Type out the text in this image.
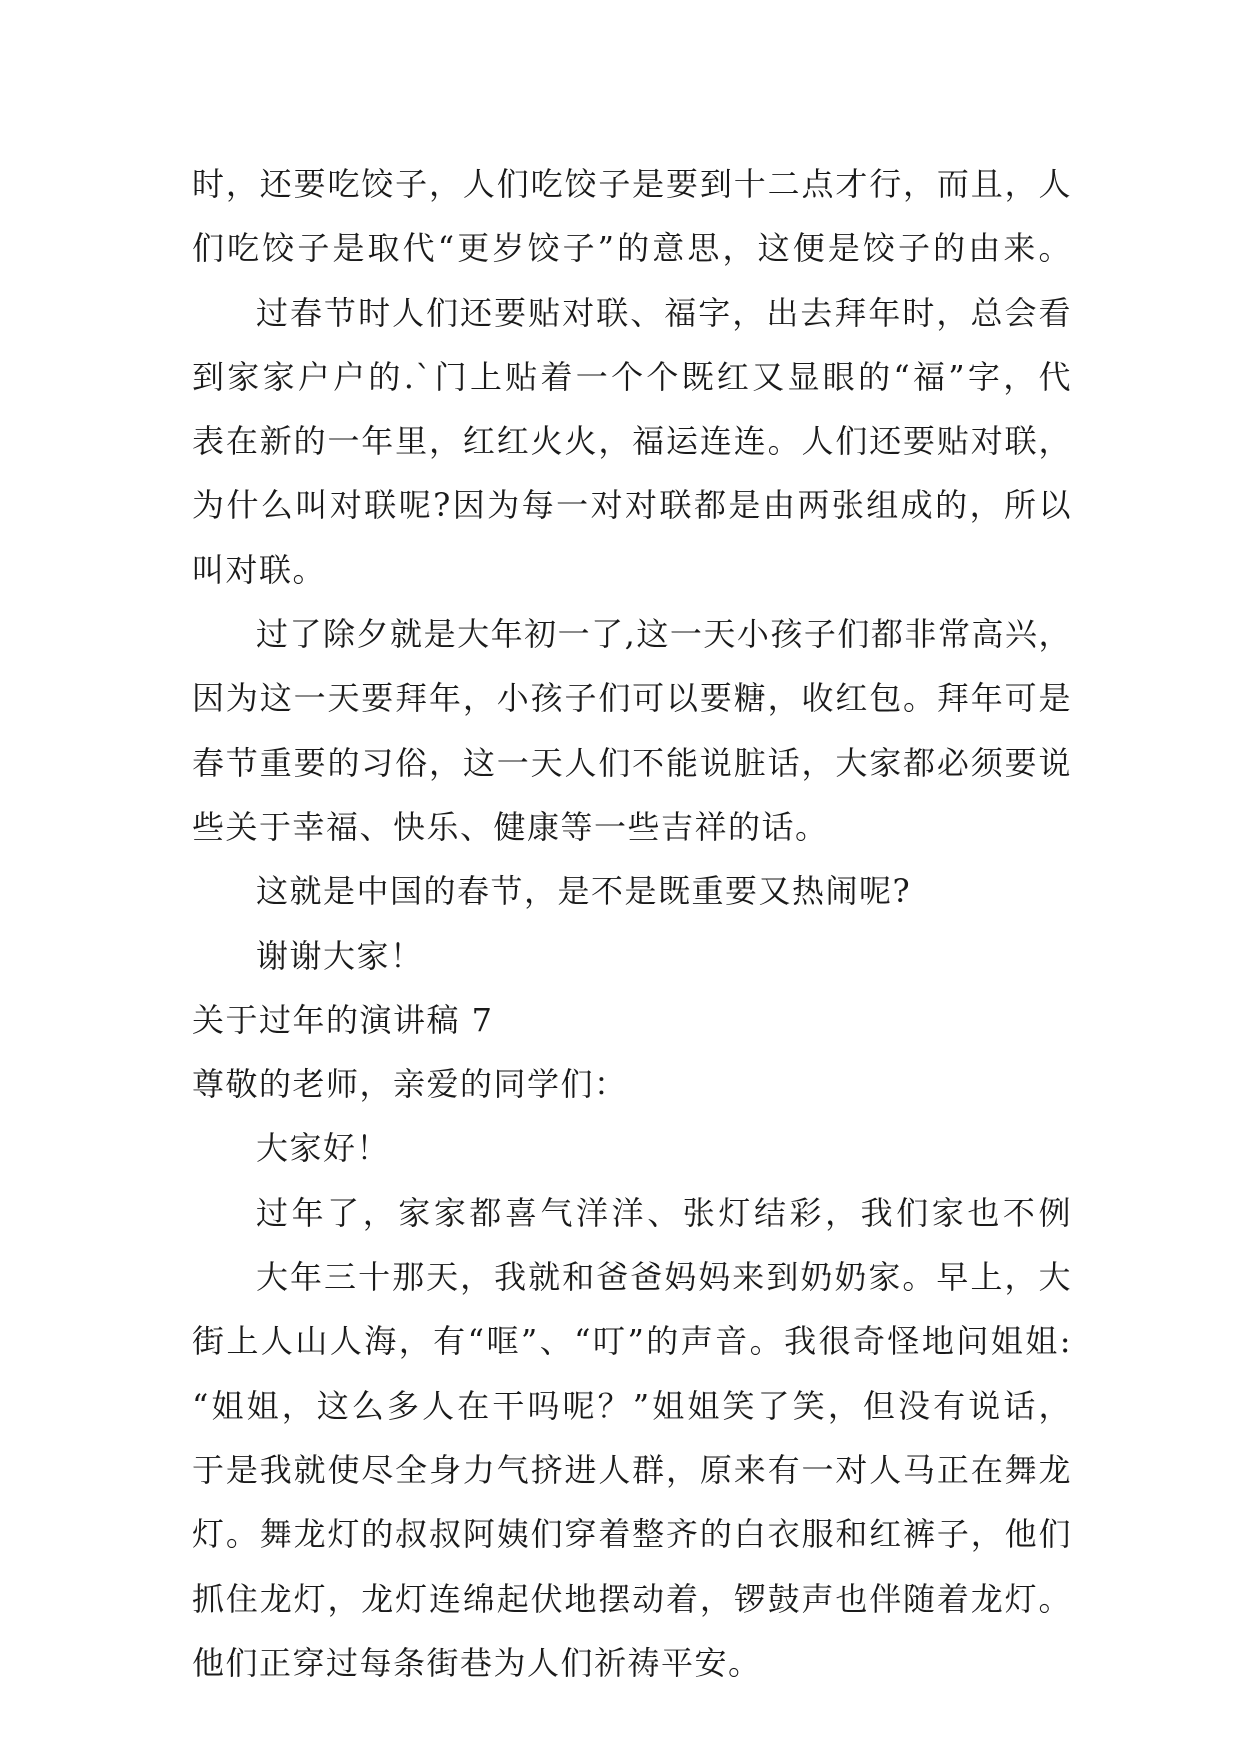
时，还要吃饺子，人们吃饺子是要到十二点才行，而且，人
们吃饺子是取代“更岁饺子”的意思，这便是饺子的由来。
过春节时人们还要贴对联、福字，出去拜年时，总会看
到家家户户的.`门上贴着一个个既红又显眼的“福”字，代
表在新的一年里，红红火火，福运连连。人们还要贴对联，
为什么叫对联呢?因为每一对对联都是由两张组成的，所以
叫对联。
过了除夕就是大年初一了,这一天小孩子们都非常高兴，
因为这一天要拜年，小孩子们可以要糖，收红包。拜年可是
春节重要的习俗，这一天人们不能说脏话，大家都必须要说
些关于幸福、快乐、健康等一些吉祥的话。
这就是中国的春节，是不是既重要又热闹呢?
谢谢大家！
关于过年的演讲稿 7
尊敬的老师，亲爱的同学们：
大家好！
过年了，家家都喜气洋洋、张灯结彩，我们家也不例
大年三十那天，我就和爸爸妈妈来到奶奶家。早上，大
街上人山人海，有“哐”、“叮”的声音。我很奇怪地问姐姐:
“姐姐，这么多人在干吗呢？”姐姐笑了笑，但没有说话，
于是我就使尽全身力气挤进人群，原来有一对人马正在舞龙
灯。舞龙灯的叔叔阿姨们穿着整齐的白衣服和红裤子，他们
抓住龙灯，龙灯连绵起伏地摆动着，锣鼓声也伴随着龙灯。
他们正穿过每条街巷为人们祈祷平安。
